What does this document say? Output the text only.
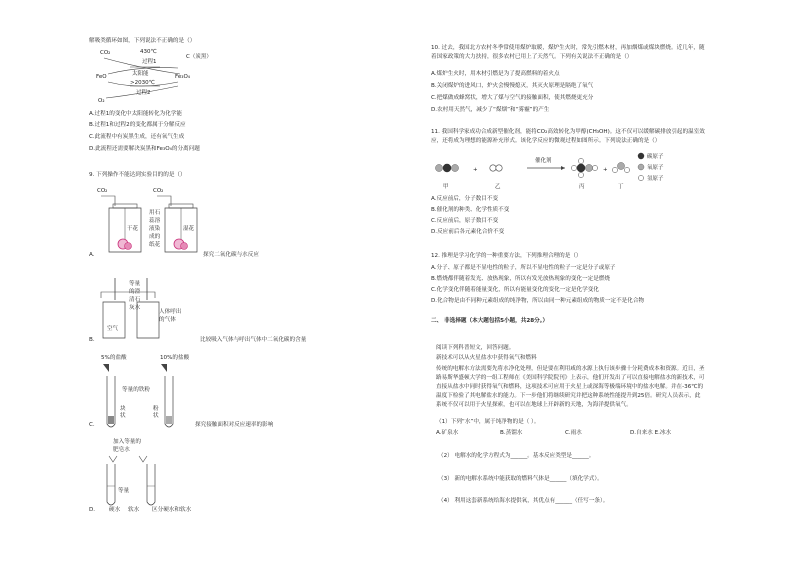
解吸类循环如图，下列说法不正确的是（）
CO₂
C（炭黑）
430℃
过程1
FeO	Fe₃O₄
太阳能
>2030℃
过程2
O₂
A.过程1的变化中太阳能转化为化学能
B.过程1和过程2的变化都属于分解反应
C.此流程中有炭黑生成，还有氧气生成
D.此流程还需要解决炭黑和Fe₃O₄的分离问题
9. 下列操作不能达到实验目的的是（）
CO₂	CO₂
干花	湿花
用石蕊溶液染成的纸花
A.	探究二氧化碳与水反应
空气
等量的澄清石灰水
人体呼出的气体
B.	比较吸入气体与呼出气体中二氧化碳的含量
5%的盐酸	10%的盐酸
等量的铁粉
块状
粉状
C.	探究接触面积对反应速率的影响
加入等量的肥皂水
等量
D. 硬水 软水 区分硬水和软水
10. 过去，我国北方农村冬季常使用煤炉取暖，煤炉生火时，常先引燃木材，再加烟煤或煤块燃烧。近几年，随着国家政策的大力扶持，很多农村已用上了天然气。下列有关说法不正确的是（）
A.煤炉生火时，用木材引燃是为了提高燃料的着火点
B.关闭煤炉的进风口，炉火会慢慢熄灭，其灭火原理是隔绝了氧气
C.把煤做成蜂窝状，增大了煤与空气的接触面积，使其燃烧更充分
D.农村用天然气，减少了“煤烟”和“雾霾”的产生
11. 我国科学家成功合成新型催化剂，能将CO₂高效转化为甲醇(CH₃OH)。这不仅可以缓解碳排放引起的温室效应，还将成为理想的能源补充形式。该化学反应的微观过程如图所示。下列说法正确的是（）
+
催化剂
+
甲	乙	丙	丁
碳原子
氧原子
氢原子
A.反应前后，分子数目不变
B.催化剂的种类、化学性质不变
C.反应前后，原子数目不变
D.反应前后各元素化合价不变
12. 推理是学习化学的一种重要方法，下列推理合理的是（）
A.分子、原子都是不显电性的粒子，所以不显电性的粒子一定是分子或原子
B.燃烧都伴随着发光、放热现象，所以有发光放热现象的变化一定是燃烧
C.化学变化伴随着能量变化，所以有能量变化的变化一定是化学变化
D.化合物是由不同种元素组成的纯净物，所以由同一种元素组成的物质一定不是化合物
二、 非选择题（本大题包括5小题，共28分。）
阅读下列科普短文，回答问题。
新技术可以从火星盐水中获得氧气和燃料
传统的电解水方法需要先将水净化处理，但是要在利用咸的水源上执行该步骤十分耗费成本和资源。近日，圣路易斯华盛顿大学的一组工程师在《美国科学院院刊》上表示，他们开发出了可以直接电解盐水的新技术，可直接从盐水中同时获得氧气和燃料，这项技术可应用于火星上或深海等极端环境中的盐水电解。并在-36℃的温度下检验了其电解盐水的能力。下一步他们将继续研究并把这种系统性能提升到25倍。研究人员表示，此系统不仅可以用于火星探索，也可以在地球上开辟新的天地，为海洋提供氧气。
（1）下列“水”中，属于纯净物的是（ ）。
A.矿泉水	B.蒸馏水	C.雨水	D.自来水 E.冰水
（2） 电解水的化学方程式为______。基本反应类型是______。
（3） 新的电解水系统中能获取的燃料气体是______（填化学式）。
（4） 利用这套新系统给海水提供氧，其优点有______（任写一条）。
